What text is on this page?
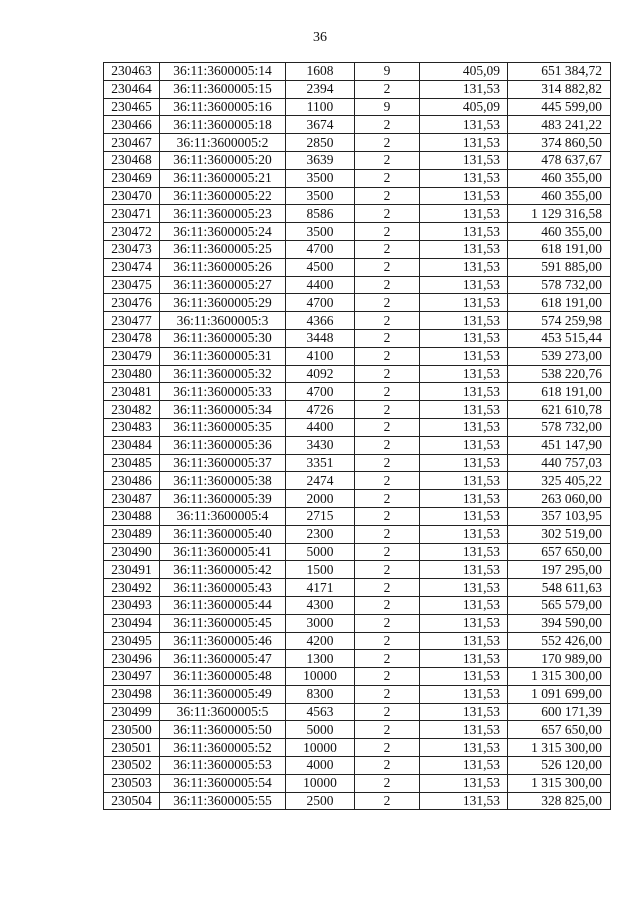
36
230463	36:11:3600005:14	1608	9	405,09	651 384,72
230464	36:11:3600005:15	2394	2	131,53	314 882,82
230465	36:11:3600005:16	1100	9	405,09	445 599,00
230466	36:11:3600005:18	3674	2	131,53	483 241,22
230467	36:11:3600005:2	2850	2	131,53	374 860,50
230468	36:11:3600005:20	3639	2	131,53	478 637,67
230469	36:11:3600005:21	3500	2	131,53	460 355,00
230470	36:11:3600005:22	3500	2	131,53	460 355,00
230471	36:11:3600005:23	8586	2	131,53	1 129 316,58
230472	36:11:3600005:24	3500	2	131,53	460 355,00
230473	36:11:3600005:25	4700	2	131,53	618 191,00
230474	36:11:3600005:26	4500	2	131,53	591 885,00
230475	36:11:3600005:27	4400	2	131,53	578 732,00
230476	36:11:3600005:29	4700	2	131,53	618 191,00
230477	36:11:3600005:3	4366	2	131,53	574 259,98
230478	36:11:3600005:30	3448	2	131,53	453 515,44
230479	36:11:3600005:31	4100	2	131,53	539 273,00
230480	36:11:3600005:32	4092	2	131,53	538 220,76
230481	36:11:3600005:33	4700	2	131,53	618 191,00
230482	36:11:3600005:34	4726	2	131,53	621 610,78
230483	36:11:3600005:35	4400	2	131,53	578 732,00
230484	36:11:3600005:36	3430	2	131,53	451 147,90
230485	36:11:3600005:37	3351	2	131,53	440 757,03
230486	36:11:3600005:38	2474	2	131,53	325 405,22
230487	36:11:3600005:39	2000	2	131,53	263 060,00
230488	36:11:3600005:4	2715	2	131,53	357 103,95
230489	36:11:3600005:40	2300	2	131,53	302 519,00
230490	36:11:3600005:41	5000	2	131,53	657 650,00
230491	36:11:3600005:42	1500	2	131,53	197 295,00
230492	36:11:3600005:43	4171	2	131,53	548 611,63
230493	36:11:3600005:44	4300	2	131,53	565 579,00
230494	36:11:3600005:45	3000	2	131,53	394 590,00
230495	36:11:3600005:46	4200	2	131,53	552 426,00
230496	36:11:3600005:47	1300	2	131,53	170 989,00
230497	36:11:3600005:48	10000	2	131,53	1 315 300,00
230498	36:11:3600005:49	8300	2	131,53	1 091 699,00
230499	36:11:3600005:5	4563	2	131,53	600 171,39
230500	36:11:3600005:50	5000	2	131,53	657 650,00
230501	36:11:3600005:52	10000	2	131,53	1 315 300,00
230502	36:11:3600005:53	4000	2	131,53	526 120,00
230503	36:11:3600005:54	10000	2	131,53	1 315 300,00
230504	36:11:3600005:55	2500	2	131,53	328 825,00
